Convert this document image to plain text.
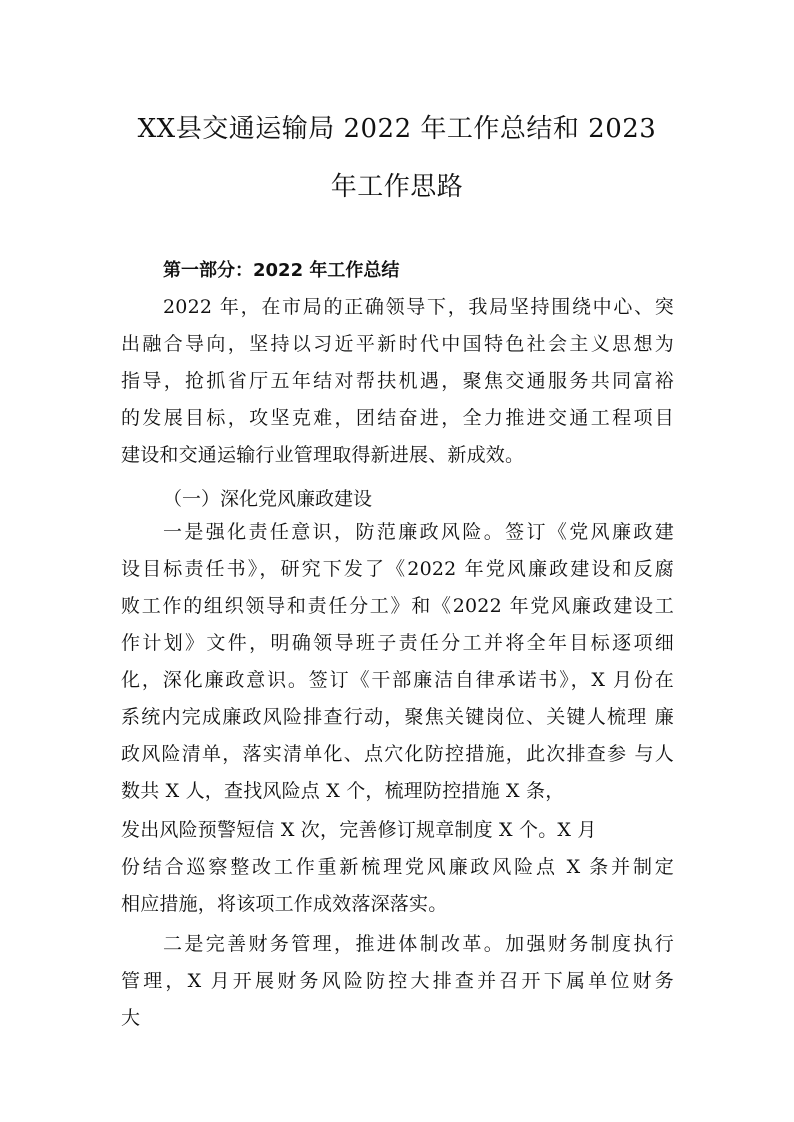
XX县交通运输局 2022 年工作总结和 2023
年工作思路
第一部分：2022 年工作总结
2022 年，在市局的正确领导下，我局坚持围绕中心、突
出融合导向，坚持以习近平新时代中国特色社会主义思想为
指导，抢抓省厅五年结对帮扶机遇，聚焦交通服务共同富裕
的发展目标，攻坚克难，团结奋进，全力推进交通工程项目
建设和交通运输行业管理取得新进展、新成效。
（一）深化党风廉政建设
一是强化责任意识，防范廉政风险。签订《党风廉政建
设目标责任书》，研究下发了《2022 年党风廉政建设和反腐
败工作的组织领导和责任分工》和《2022 年党风廉政建设工
作计划》文件，明确领导班子责任分工并将全年目标逐项细
化，深化廉政意识。签订《干部廉洁自律承诺书》，X 月份在
系统内完成廉政风险排查行动，聚焦关键岗位、关键人梳理 廉
政风险清单，落实清单化、点穴化防控措施，此次排查参 与人
数共 X 人，查找风险点 X 个，梳理防控措施 X 条，
发出风险预警短信 X 次，完善修订规章制度 X 个。X 月
份结合巡察整改工作重新梳理党风廉政风险点 X 条并制定
相应措施，将该项工作成效落深落实。
二是完善财务管理，推进体制改革。加强财务制度执行
管理，X 月开展财务风险防控大排查并召开下属单位财务
大
